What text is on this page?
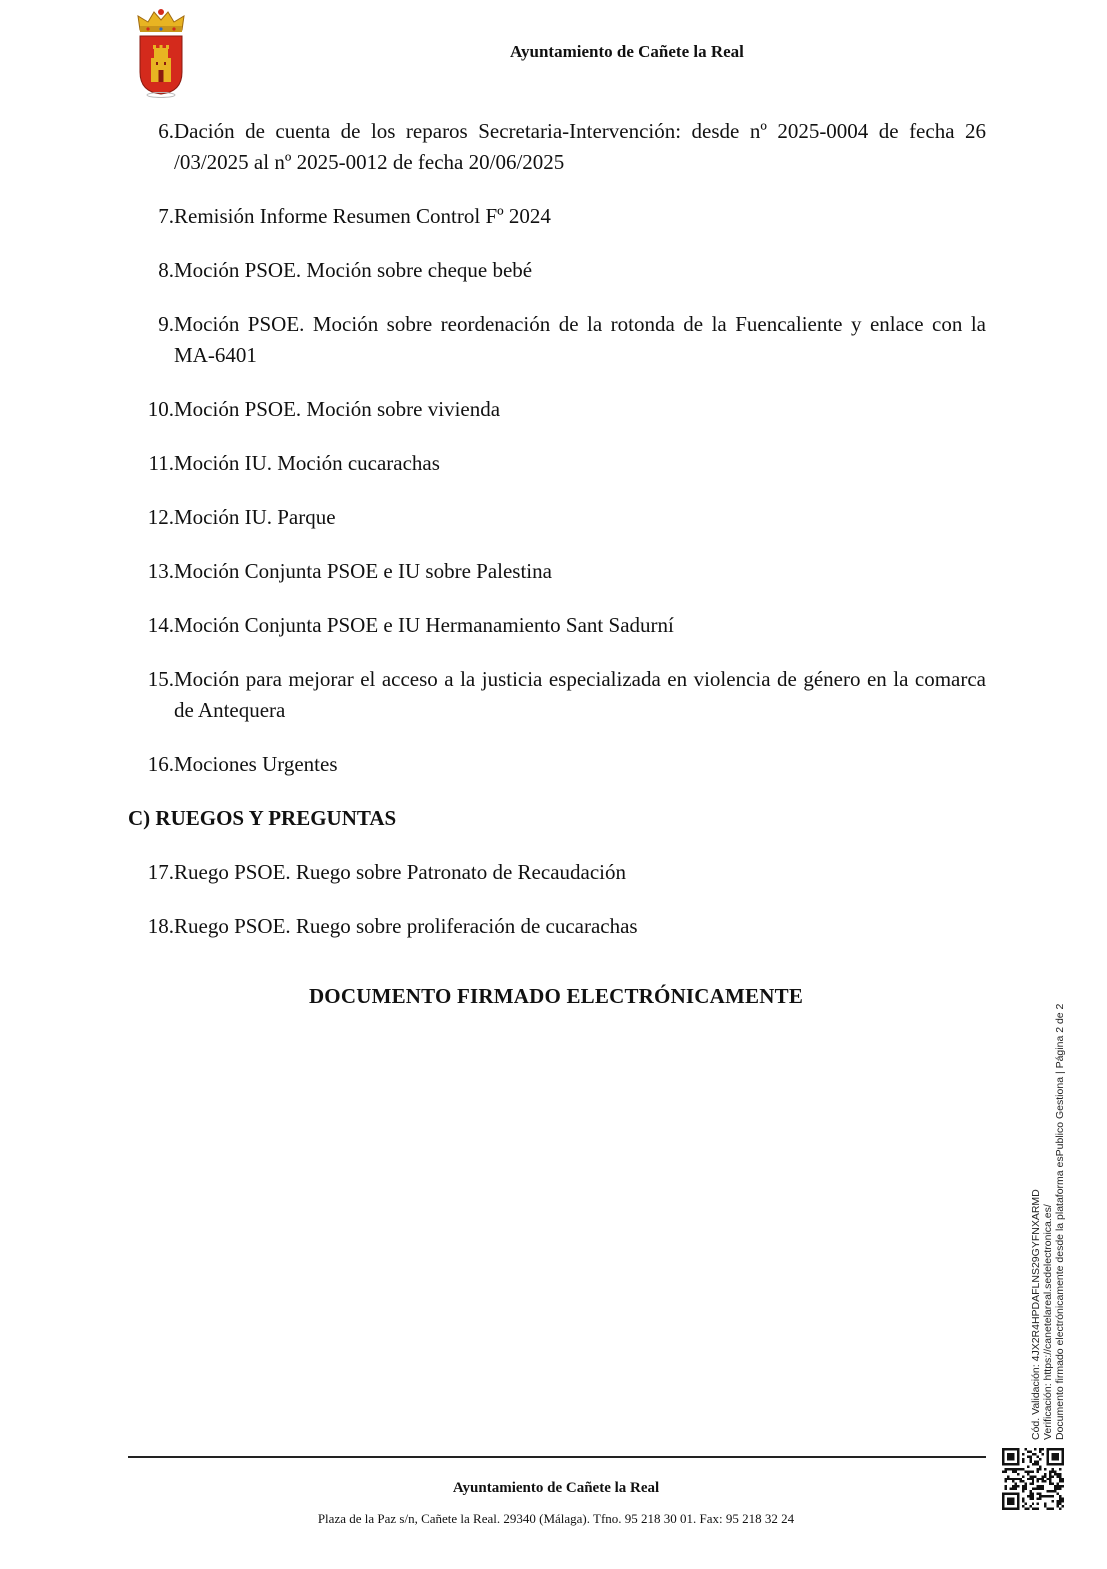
Ayuntamiento de Cañete la Real
6. Dación de cuenta de los reparos Secretaria-Intervención: desde nº 2025-0004 de fecha 26 /03/2025 al nº 2025-0012 de fecha 20/06/2025
7. Remisión Informe Resumen Control Fº 2024
8. Moción PSOE. Moción sobre cheque bebé
9. Moción PSOE. Moción sobre reordenación de la rotonda de la Fuencaliente y enlace con la MA-6401
10. Moción PSOE. Moción sobre vivienda
11. Moción IU. Moción cucarachas
12. Moción IU. Parque
13. Moción Conjunta PSOE e IU sobre Palestina
14. Moción Conjunta PSOE e IU Hermanamiento Sant Sadurní
15. Moción para mejorar el acceso a la justicia especializada en violencia de género en la comarca de Antequera
16. Mociones Urgentes
C) RUEGOS Y PREGUNTAS
17. Ruego PSOE. Ruego sobre Patronato de Recaudación
18. Ruego PSOE. Ruego sobre proliferación de cucarachas
DOCUMENTO FIRMADO ELECTRÓNICAMENTE
Cód. Validación: 4JX2R4HPDAFLNS29GYFNXARMD Verificación: https://canetelareal.sedelectronica.es/ Documento firmado electrónicamente desde la plataforma esPublico Gestiona | Página 2 de 2
Ayuntamiento de Cañete la Real
Plaza de la Paz s/n, Cañete la Real. 29340 (Málaga). Tfno. 95 218 30 01. Fax: 95 218 32 24
